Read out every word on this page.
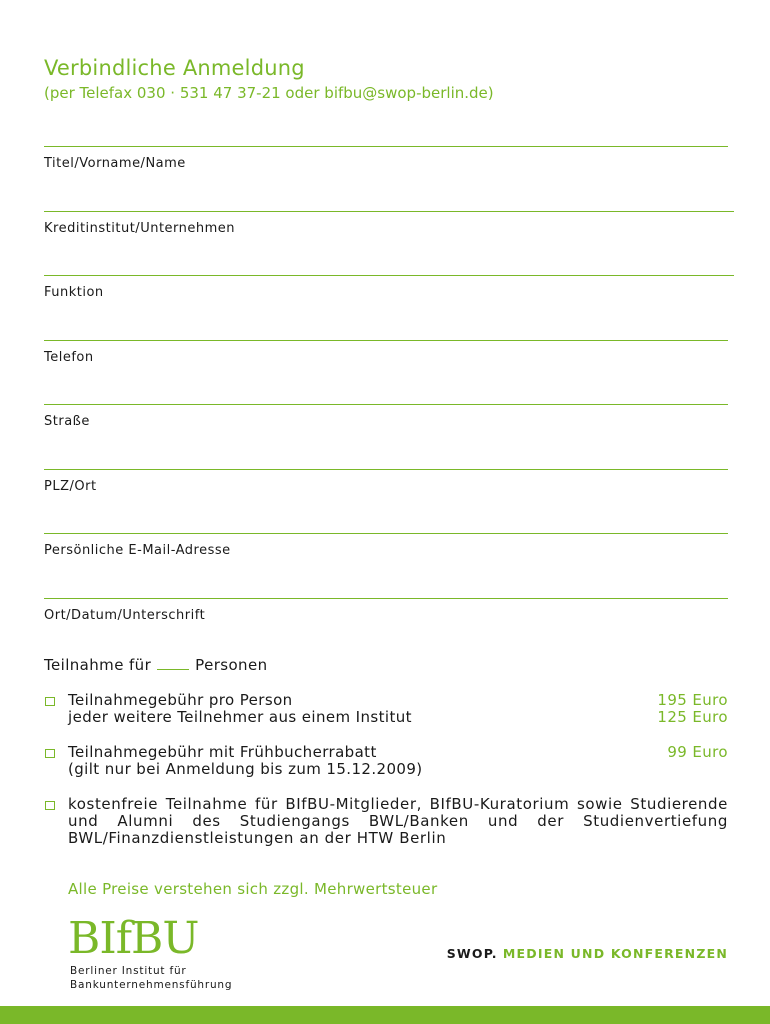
Verbindliche Anmeldung
(per Telefax 030 · 531 47 37-21 oder bifbu@swop-berlin.de)
Titel/Vorname/Name
Kreditinstitut/Unternehmen
Funktion
Telefon
Straße
PLZ/Ort
Persönliche E-Mail-Adresse
Ort/Datum/Unterschrift
Teilnahme für	Personen
Teilnahmegebühr pro Person	195 Euro
jeder weitere Teilnehmer aus einem Institut	125 Euro
Teilnahmegebühr mit Frühbucherrabatt	99 Euro
(gilt nur bei Anmeldung bis zum 15.12.2009)
kostenfreie Teilnahme für BIfBU-Mitglieder, BIfBU-Kuratorium sowie Studierende und Alumni des Studiengangs BWL/Banken und der Studienvertiefung BWL/Finanzdienstleistungen an der HTW Berlin
Alle Preise verstehen sich zzgl. Mehrwertsteuer
BIfBU
Berliner Institut für
Bankunternehmensführung
SWOP. MEDIEN UND KONFERENZEN
